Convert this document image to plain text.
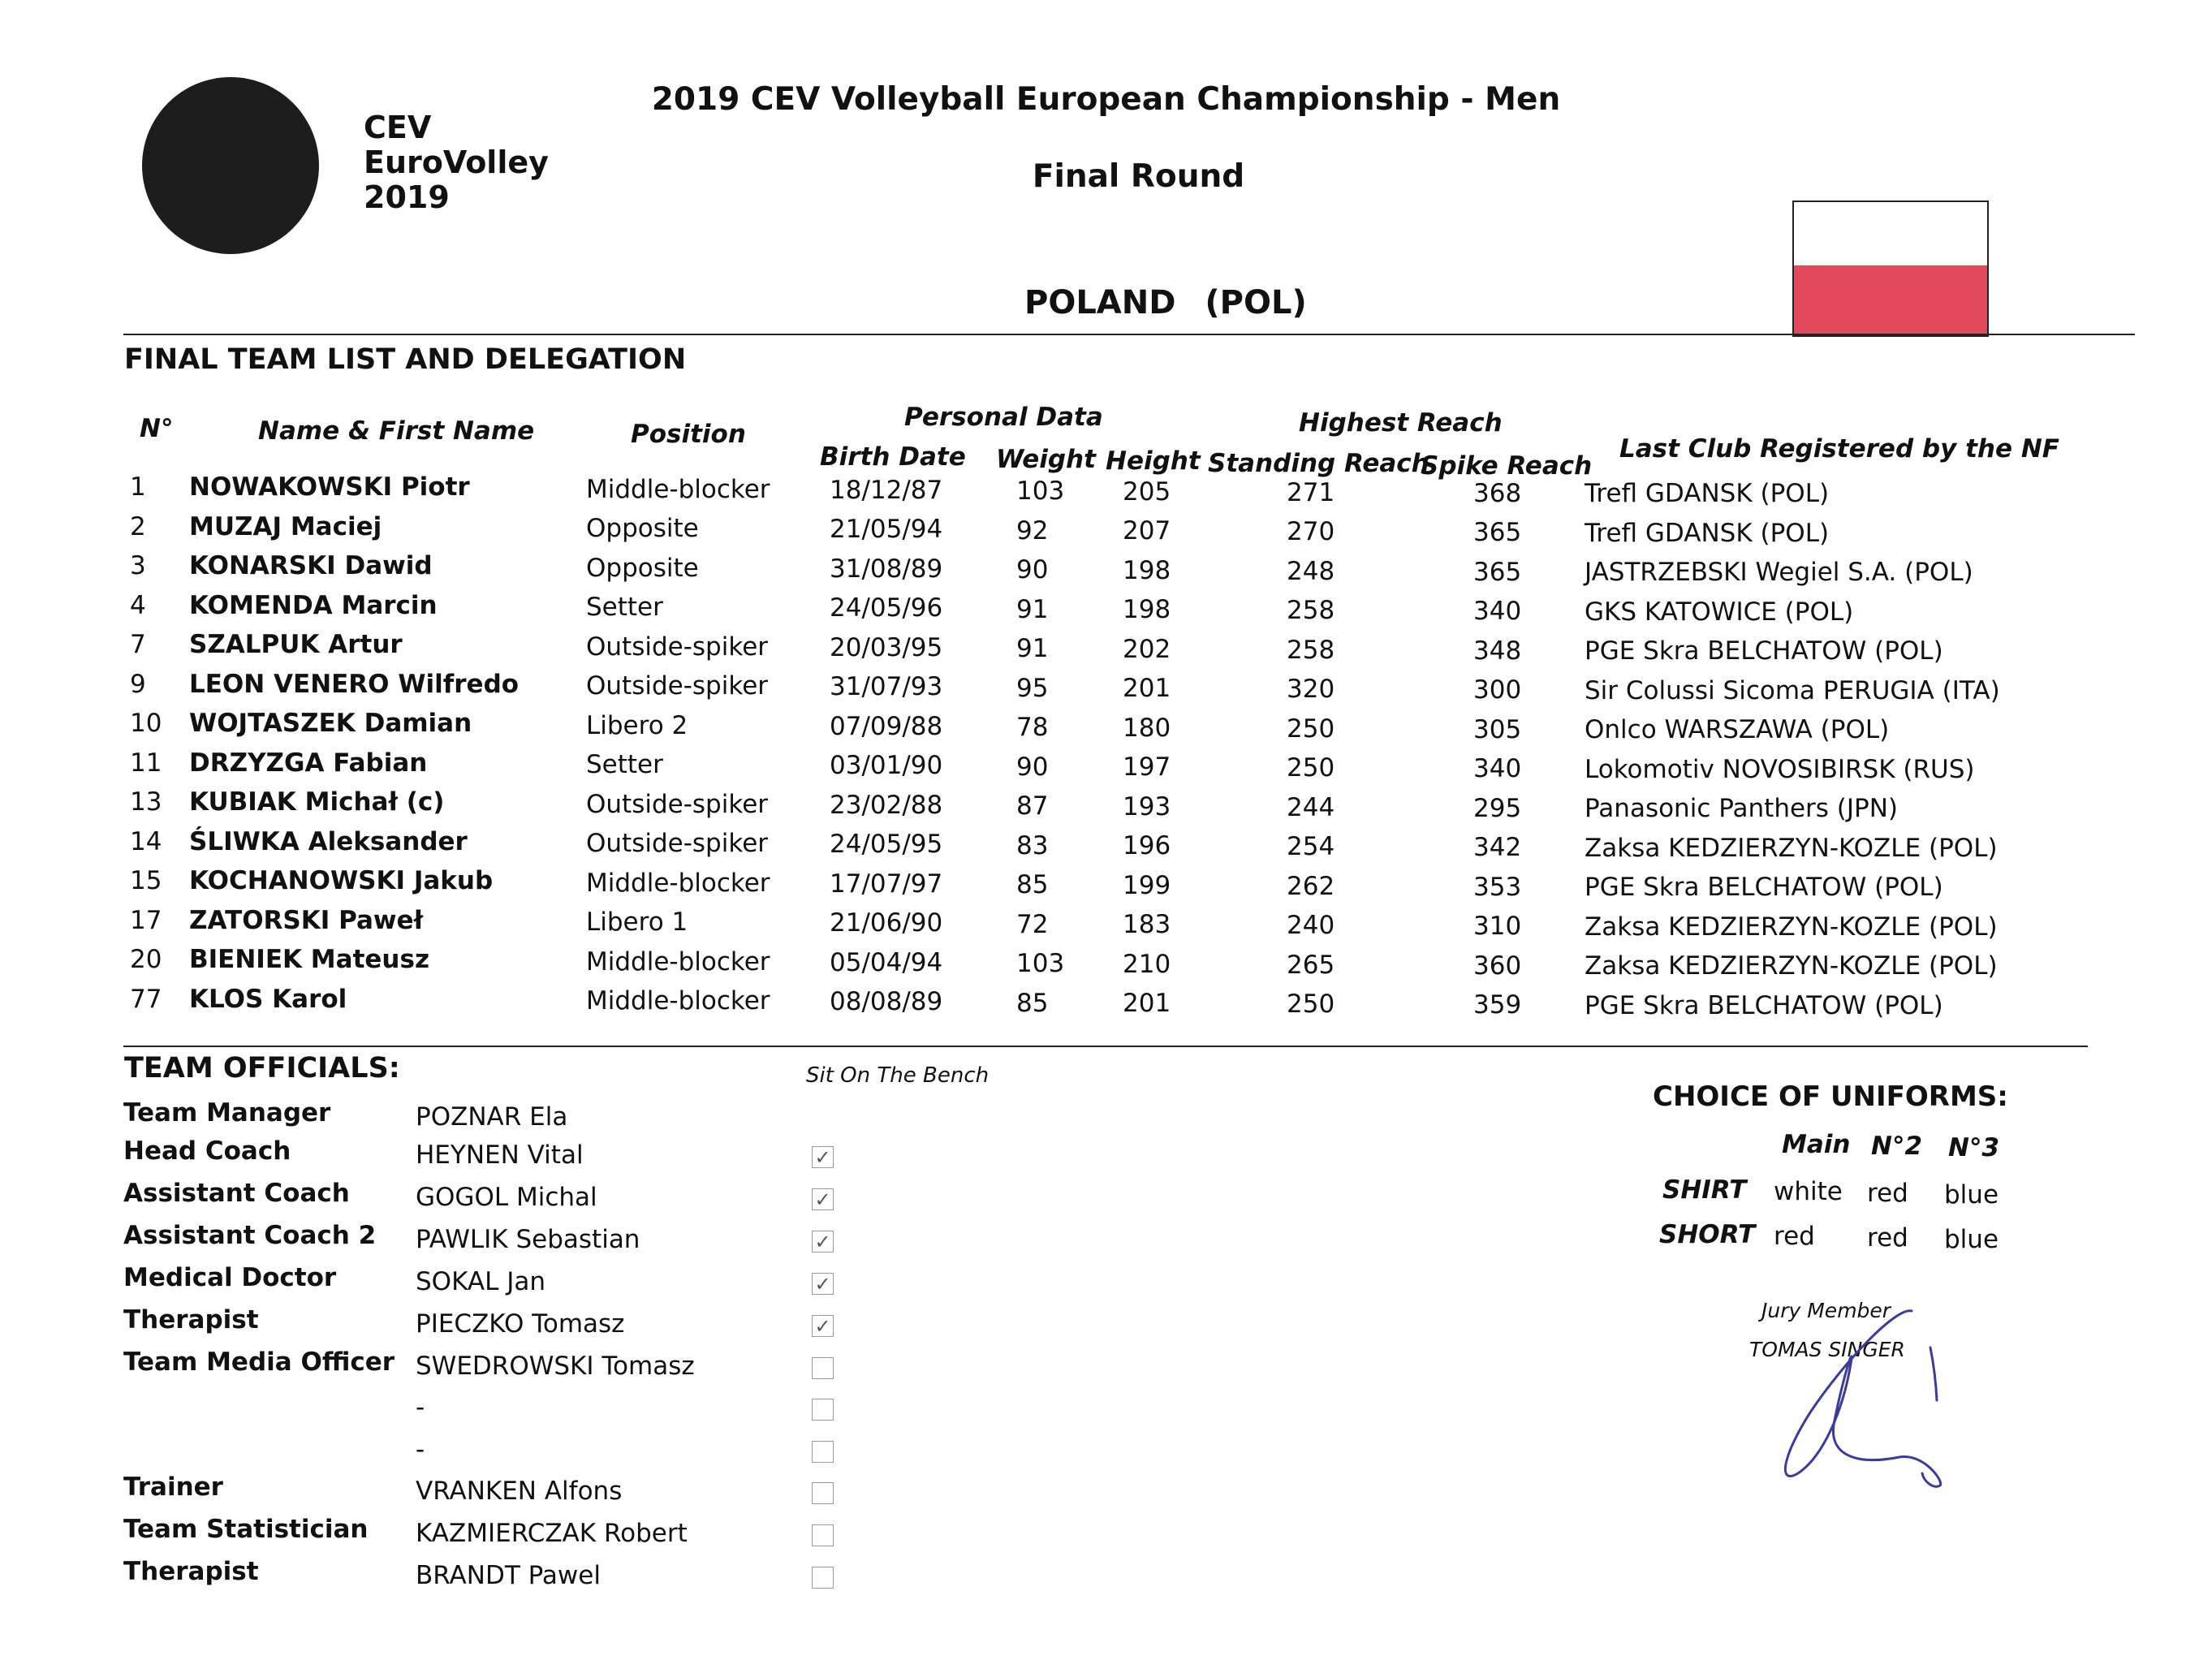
CEV
EuroVolley
2019
2019 CEV Volleyball European Championship - Men
Final Round
POLAND (POL)
FINAL TEAM LIST AND DELEGATION
Personal Data	Highest Reach
N°	Name & First Name	Position
Birth Date Weight Height Standing Reach
Spike Reach
Last Club Registered by the NF
1 NOWAKOWSKI Piotr	Middle-blocker 18/12/87	103 205	271	368	Trefl GDANSK (POL)
2 MUZAJ Maciej	Opposite	21/05/94	92	207	270	365	Trefl GDANSK (POL)
3 KONARSKI Dawid	Opposite	31/08/89	90	198	248	365	JASTRZEBSKI Wegiel S.A. (POL)
4 KOMENDA Marcin	Setter	24/05/96	91	198	258	340	GKS KATOWICE (POL)
7 SZALPUK Artur	Outside-spiker 20/03/95	91	202	258	348	PGE Skra BELCHATOW (POL)
9 LEON VENERO Wilfredo	Outside-spiker 31/07/93	95	201	320	300	Sir Colussi Sicoma PERUGIA (ITA)
10 WOJTASZEK Damian	Libero 2	07/09/88	78	180	250	305	Onlco WARSZAWA (POL)
11 DRZYZGA Fabian	Setter	03/01/90	90	197	250	340	Lokomotiv NOVOSIBIRSK (RUS)
13 KUBIAK Michał (c)	Outside-spiker 23/02/88	87	193	244	295	Panasonic Panthers (JPN)
14 ŚLIWKA Aleksander	Outside-spiker 24/05/95	83	196	254	342	Zaksa KEDZIERZYN-KOZLE (POL)
15 KOCHANOWSKI Jakub	Middle-blocker 17/07/97	85	199	262	353	PGE Skra BELCHATOW (POL)
17 ZATORSKI Paweł	Libero 1	21/06/90	72	183	240	310	Zaksa KEDZIERZYN-KOZLE (POL)
20 BIENIEK Mateusz	Middle-blocker 05/04/94	103 210	265	360	Zaksa KEDZIERZYN-KOZLE (POL)
77 KLOS Karol	Middle-blocker 08/08/89	85	201	250	359	PGE Skra BELCHATOW (POL)
TEAM OFFICIALS:	Sit On The Bench
Team Manager	POZNAR Ela
Head Coach	HEYNEN Vital	✓
Assistant Coach	GOGOL Michal	✓
Assistant Coach 2 PAWLIK Sebastian	✓
Medical Doctor	SOKAL Jan	✓
Therapist	PIECZKO Tomasz	✓
Team Media Officer SWEDROWSKI Tomasz
-
-
Trainer	VRANKEN Alfons
Team Statistician KAZMIERCZAK Robert
Therapist	BRANDT Pawel
CHOICE OF UNIFORMS:
Main N°2 N°3
SHIRT white red blue
SHORT red red blue
Jury Member
TOMAS SINGER
